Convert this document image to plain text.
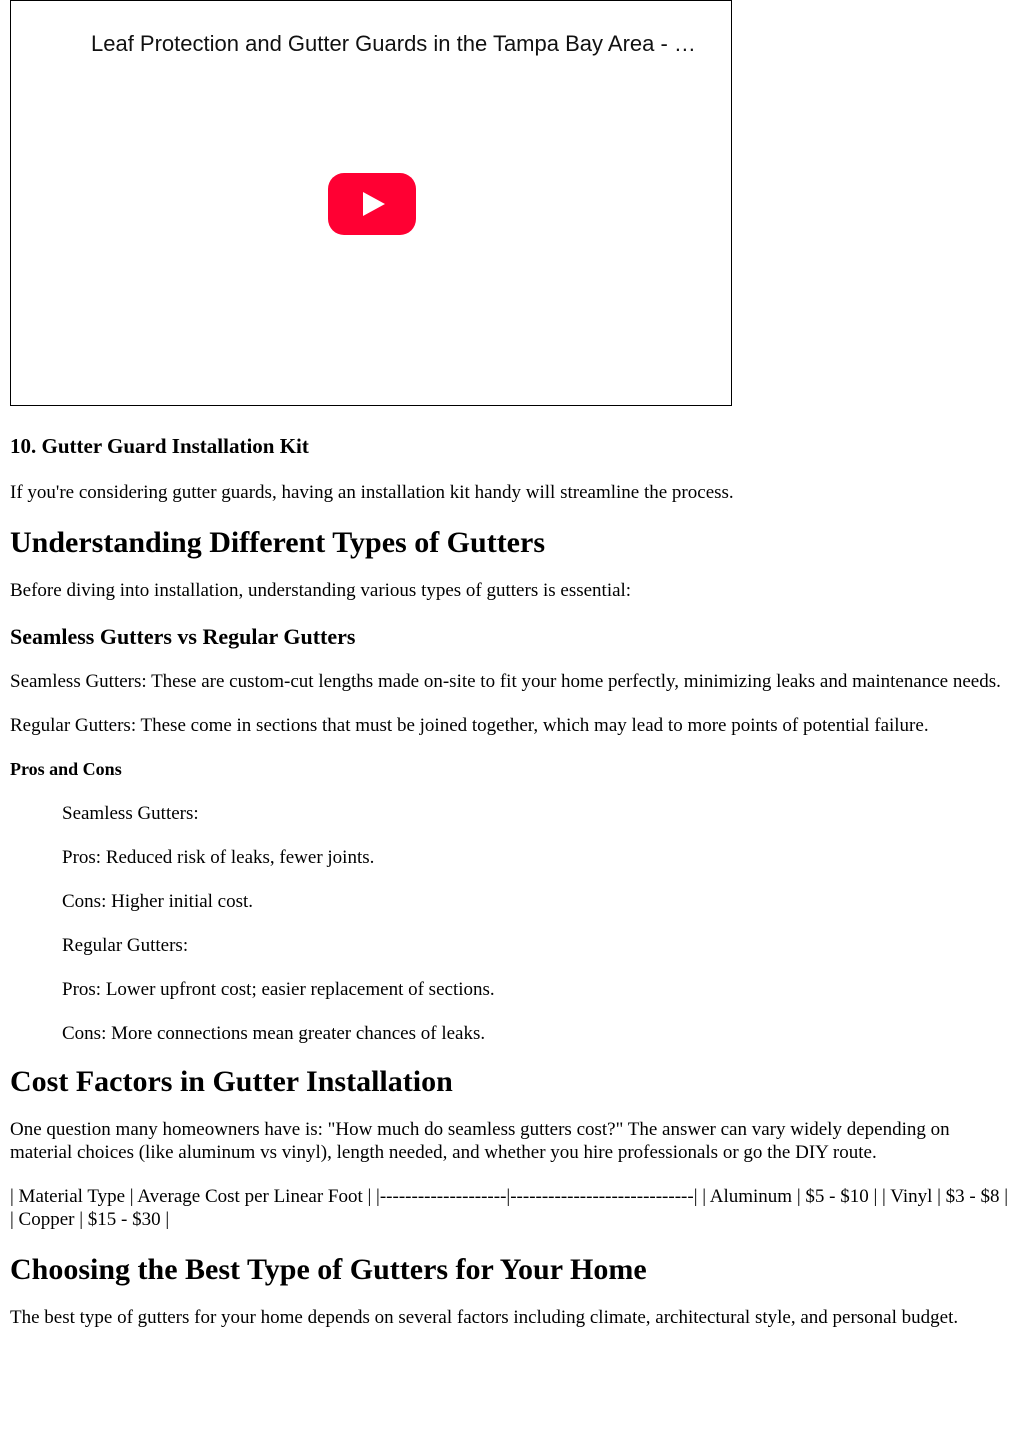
Leaf Protection and Gutter Guards in the Tampa Bay Area - …
10. Gutter Guard Installation Kit

If you're considering gutter guards, having an installation kit handy will streamline the process.

Understanding Different Types of Gutters

Before diving into installation, understanding various types of gutters is essential:

Seamless Gutters vs Regular Gutters

Seamless Gutters: These are custom-cut lengths made on-site to fit your home perfectly, minimizing leaks and maintenance needs.

Regular Gutters: These come in sections that must be joined together, which may lead to more points of potential failure.

Pros and Cons
Seamless Gutters:
Pros: Reduced risk of leaks, fewer joints.
Cons: Higher initial cost.
Regular Gutters:
Pros: Lower upfront cost; easier replacement of sections.
Cons: More connections mean greater chances of leaks.
Cost Factors in Gutter Installation

One question many homeowners have is: "How much do seamless gutters cost?" The answer can vary widely depending on material choices (like aluminum vs vinyl), length needed, and whether you hire professionals or go the DIY route.

| Material Type | Average Cost per Linear Foot | |--------------------|-----------------------------| | Aluminum | $5 - $10 | | Vinyl | $3 - $8 | | Copper | $15 - $30 |

Choosing the Best Type of Gutters for Your Home

The best type of gutters for your home depends on several factors including climate, architectural style, and personal budget.
